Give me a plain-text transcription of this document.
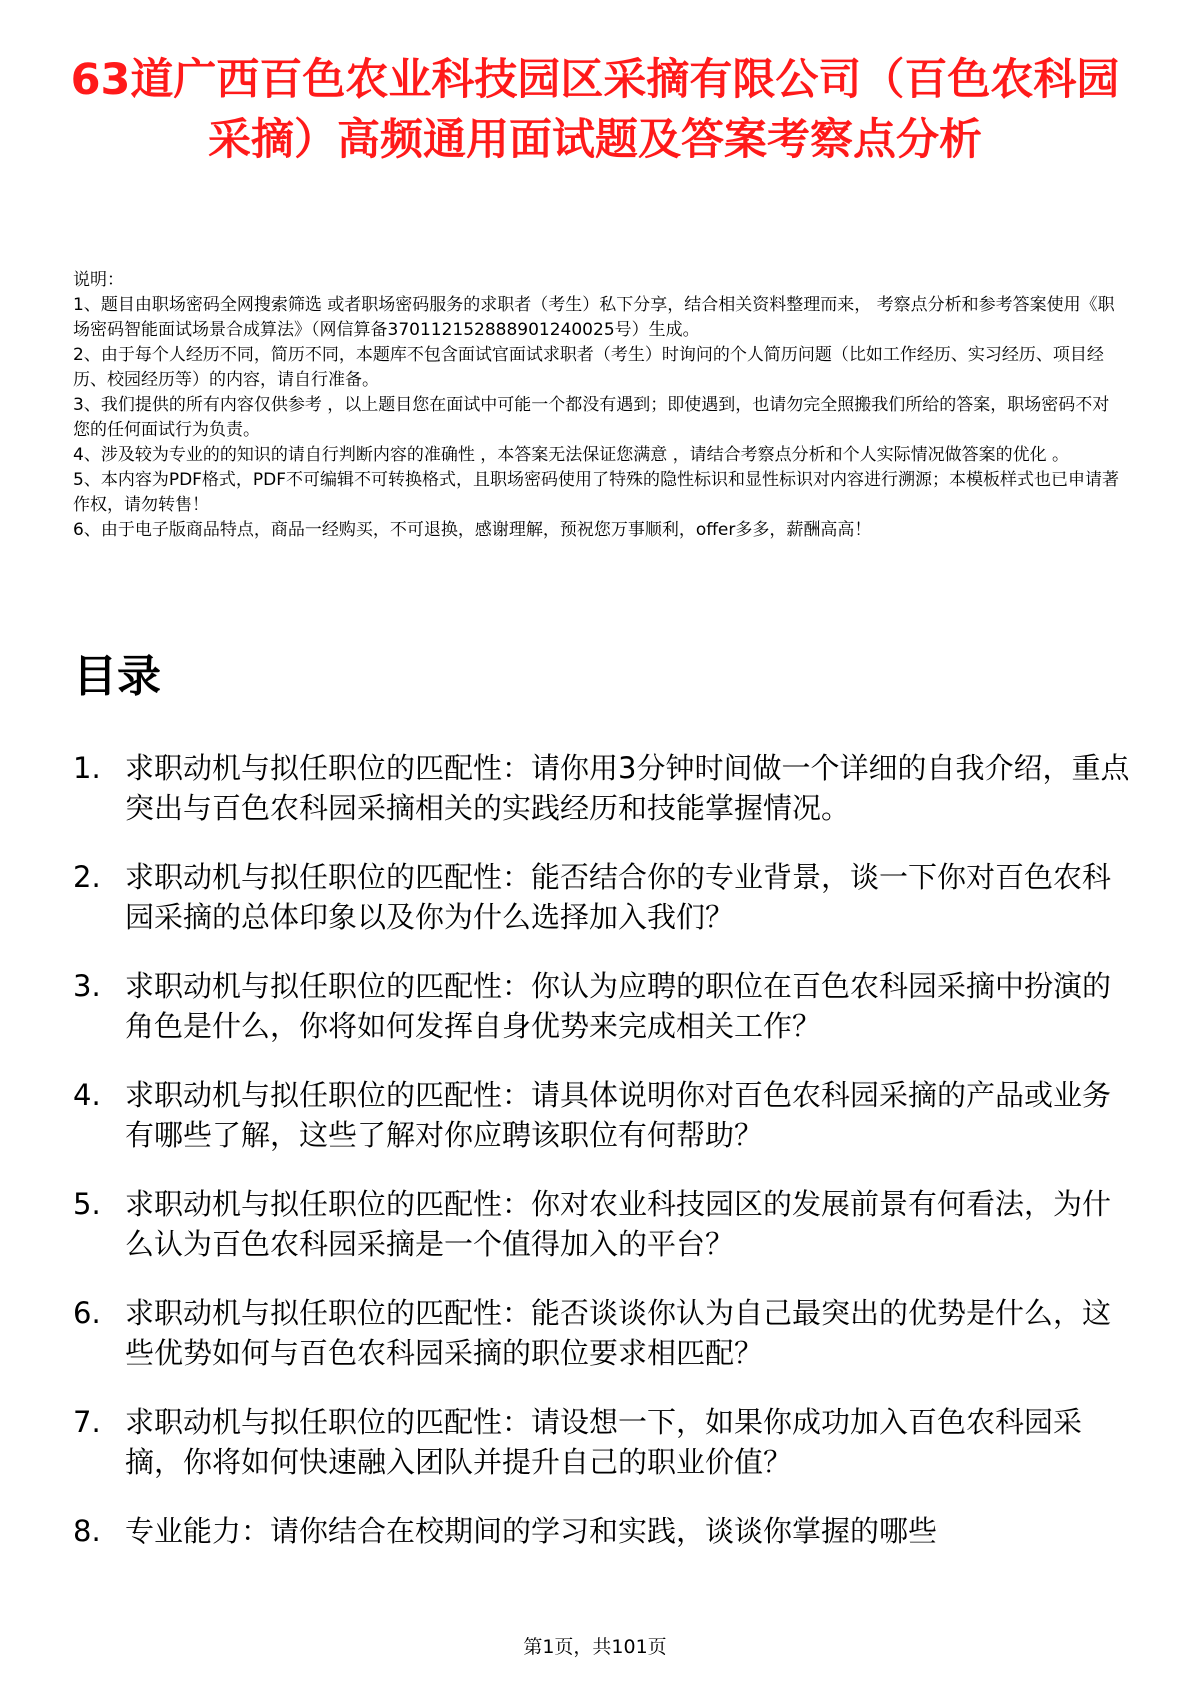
63道广西百色农业科技园区采摘有限公司（百色农科园采摘）高频通用面试题及答案考察点分析

说明：

1、题目由职场密码全网搜索筛选 或者职场密码服务的求职者（考生）私下分享，结合相关资料整理而来， 考察点分析和参考答案使用《职场密码智能面试场景合成算法》（网信算备370112152888901240025号）生成。

2、由于每个人经历不同，简历不同，本题库不包含面试官面试求职者（考生）时询问的个人简历问题（比如工作经历、实习经历、项目经历、校园经历等）的内容，请自行准备。

3、我们提供的所有内容仅供参考 ，以上题目您在面试中可能一个都没有遇到；即使遇到，也请勿完全照搬我们所给的答案，职场密码不对您的任何面试行为负责。

4、涉及较为专业的的知识的请自行判断内容的准确性 ，本答案无法保证您满意 ，请结合考察点分析和个人实际情况做答案的优化 。

5、本内容为PDF格式，PDF不可编辑不可转换格式，且职场密码使用了特殊的隐性标识和显性标识对内容进行溯源；本模板样式也已申请著作权，请勿转售！

6、由于电子版商品特点，商品一经购买，不可退换，感谢理解，预祝您万事顺利，offer多多，薪酬高高！

目录
1. 求职动机与拟任职位的匹配性：请你用3分钟时间做一个详细的自我介绍，重点突出与百色农科园采摘相关的实践经历和技能掌握情况。
2. 求职动机与拟任职位的匹配性：能否结合你的专业背景，谈一下你对百色农科园采摘的总体印象以及你为什么选择加入我们？
3. 求职动机与拟任职位的匹配性：你认为应聘的职位在百色农科园采摘中扮演的角色是什么，你将如何发挥自身优势来完成相关工作？
4. 求职动机与拟任职位的匹配性：请具体说明你对百色农科园采摘的产品或业务有哪些了解，这些了解对你应聘该职位有何帮助？
5. 求职动机与拟任职位的匹配性：你对农业科技园区的发展前景有何看法，为什么认为百色农科园采摘是一个值得加入的平台？
6. 求职动机与拟任职位的匹配性：能否谈谈你认为自己最突出的优势是什么，这些优势如何与百色农科园采摘的职位要求相匹配？
7. 求职动机与拟任职位的匹配性：请设想一下，如果你成功加入百色农科园采摘，你将如何快速融入团队并提升自己的职业价值？
8. 专业能力：请你结合在校期间的学习和实践，谈谈你掌握的哪些
第1页，共101页
